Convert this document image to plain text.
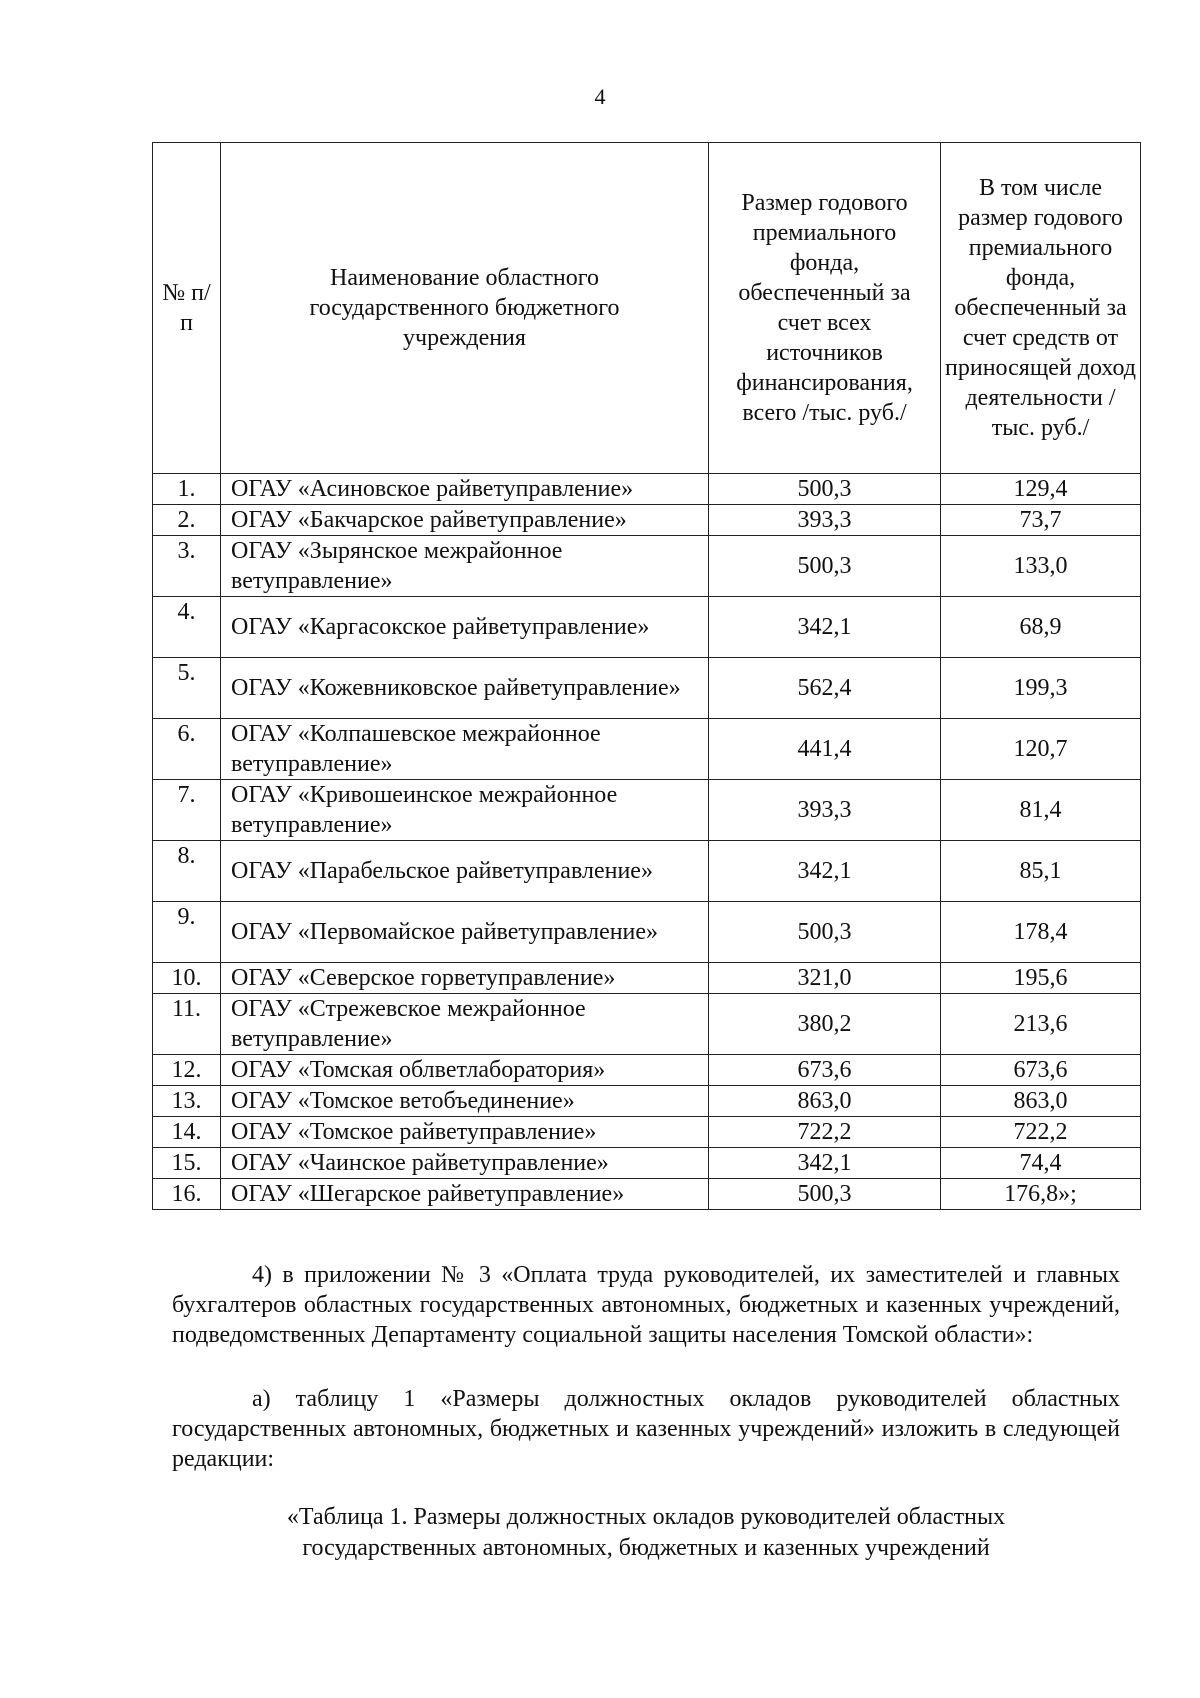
4
№ п/п	Наименование областного государственного бюджетного учреждения	Размер годового премиального фонда, обеспеченный за счет всех источников финансирования, всего /тыс. руб./	В том числе размер годового премиального фонда, обеспеченный за счет средств от приносящей доход деятельности /тыс. руб./
1.	ОГАУ «Асиновское райветуправление»	500,3	129,4
2.	ОГАУ «Бакчарское райветуправление»	393,3	73,7
3.	ОГАУ «Зырянское межрайонное ветуправление»	500,3	133,0
4.	ОГАУ «Каргасокское райветуправление»	342,1	68,9
5.	ОГАУ «Кожевниковское райветуправление»	562,4	199,3
6.	ОГАУ «Колпашевское межрайонное ветуправление»	441,4	120,7
7.	ОГАУ «Кривошеинское межрайонное ветуправление»	393,3	81,4
8.	ОГАУ «Парабельское райветуправление»	342,1	85,1
9.	ОГАУ «Первомайское райветуправление»	500,3	178,4
10.	ОГАУ «Северское горветуправление»	321,0	195,6
11.	ОГАУ «Стрежевское межрайонное ветуправление»	380,2	213,6
12.	ОГАУ «Томская облветлаборатория»	673,6	673,6
13.	ОГАУ «Томское ветобъединение»	863,0	863,0
14.	ОГАУ «Томское райветуправление»	722,2	722,2
15.	ОГАУ «Чаинское райветуправление»	342,1	74,4
16.	ОГАУ «Шегарское райветуправление»	500,3	176,8»;

4) в приложении № 3 «Оплата труда руководителей, их заместителей и главных бухгалтеров областных государственных автономных, бюджетных и казенных учреждений, подведомственных Департаменту социальной защиты населения Томской области»:

а) таблицу 1 «Размеры должностных окладов руководителей областных государственных автономных, бюджетных и казенных учреждений» изложить в следующей редакции:

«Таблица 1. Размеры должностных окладов руководителей областных
государственных автономных, бюджетных и казенных учреждений
